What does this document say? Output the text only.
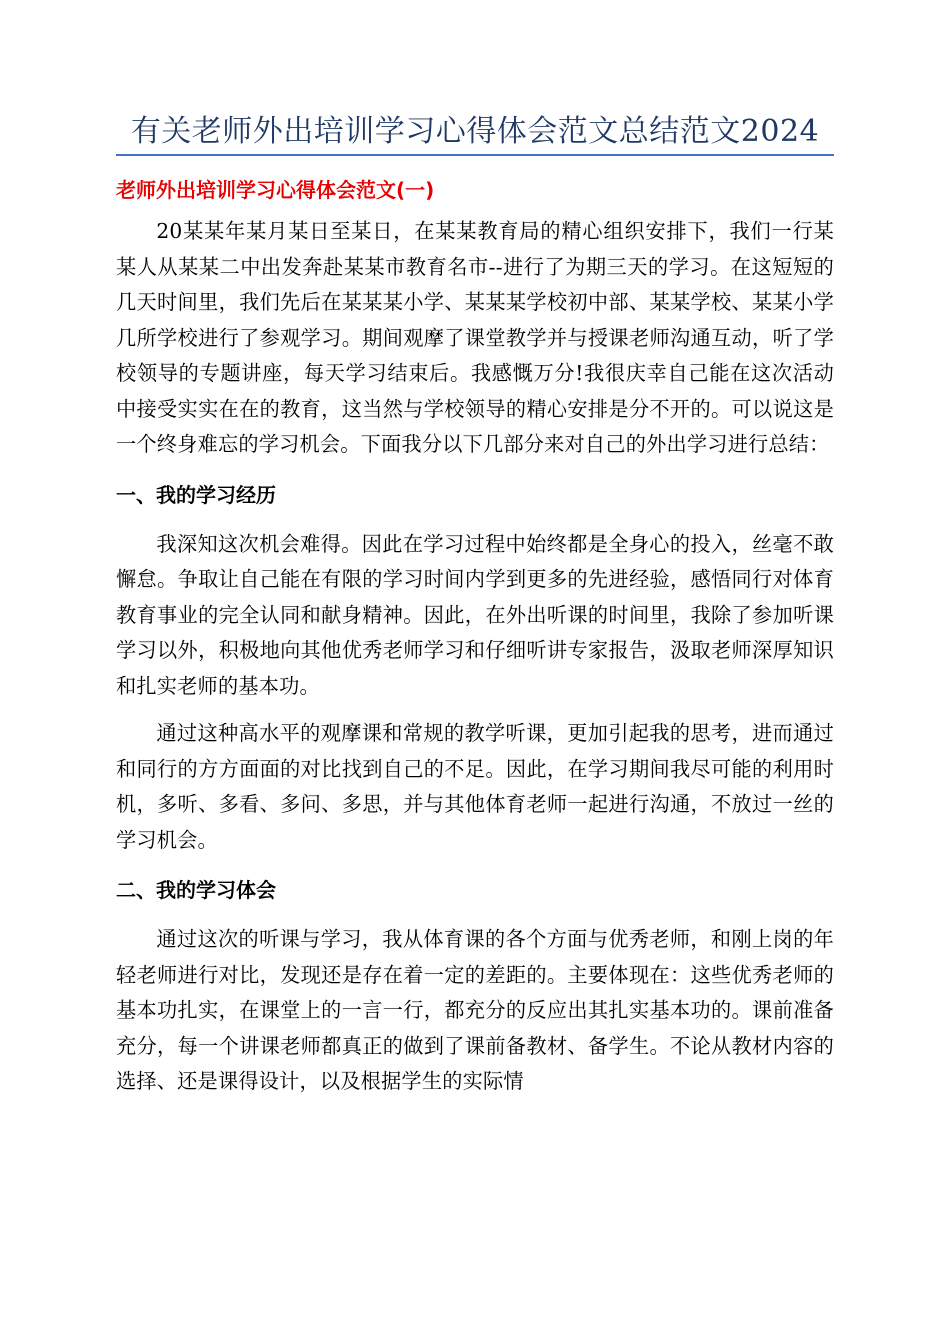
有关老师外出培训学习心得体会范文总结范文2024
老师外出培训学习心得体会范文(一)

20某某年某月某日至某日，在某某教育局的精心组织安排下，我们一行某某人从某某二中出发奔赴某某市教育名市--进行了为期三天的学习。在这短短的几天时间里，我们先后在某某某小学、某某某学校初中部、某某学校、某某小学几所学校进行了参观学习。期间观摩了课堂教学并与授课老师沟通互动，听了学校领导的专题讲座，每天学习结束后。我感慨万分!我很庆幸自己能在这次活动中接受实实在在的教育，这当然与学校领导的精心安排是分不开的。可以说这是一个终身难忘的学习机会。下面我分以下几部分来对自己的外出学习进行总结：

一、我的学习经历

我深知这次机会难得。因此在学习过程中始终都是全身心的投入，丝毫不敢懈怠。争取让自己能在有限的学习时间内学到更多的先进经验，感悟同行对体育教育事业的完全认同和献身精神。因此，在外出听课的时间里，我除了参加听课学习以外，积极地向其他优秀老师学习和仔细听讲专家报告，汲取老师深厚知识和扎实老师的基本功。

通过这种高水平的观摩课和常规的教学听课，更加引起我的思考，进而通过和同行的方方面面的对比找到自己的不足。因此，在学习期间我尽可能的利用时机，多听、多看、多问、多思，并与其他体育老师一起进行沟通，不放过一丝的学习机会。

二、我的学习体会

通过这次的听课与学习，我从体育课的各个方面与优秀老师，和刚上岗的年轻老师进行对比，发现还是存在着一定的差距的。主要体现在：这些优秀老师的基本功扎实，在课堂上的一言一行，都充分的反应出其扎实基本功的。课前准备充分，每一个讲课老师都真正的做到了课前备教材、备学生。不论从教材内容的选择、还是课得设计，以及根据学生的实际情
